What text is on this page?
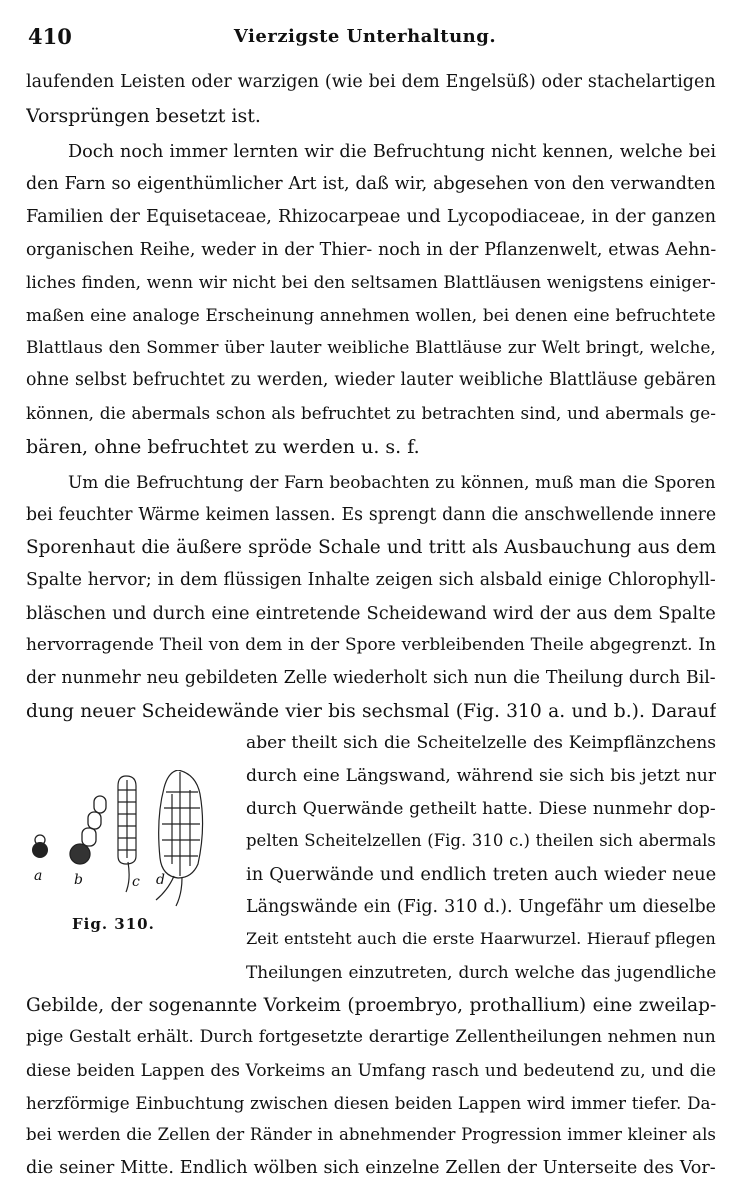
410	Vierzigste Unterhaltung.
laufenden Leisten oder warzigen (wie bei dem Engelsüß) oder stachelartigen
Vorsprüngen besetzt ist.
Doch noch immer lernten wir die Befruchtung nicht kennen, welche bei
den Farn so eigenthümlicher Art ist, daß wir, abgesehen von den verwandten
Familien der Equisetaceae, Rhizocarpeae und Lycopodiaceae, in der ganzen
organischen Reihe, weder in der Thier- noch in der Pflanzenwelt, etwas Aehn-
liches finden, wenn wir nicht bei den seltsamen Blattläusen wenigstens einiger-
maßen eine analoge Erscheinung annehmen wollen, bei denen eine befruchtete
Blattlaus den Sommer über lauter weibliche Blattläuse zur Welt bringt, welche,
ohne selbst befruchtet zu werden, wieder lauter weibliche Blattläuse gebären
können, die abermals schon als befruchtet zu betrachten sind, und abermals ge-
bären, ohne befruchtet zu werden u. s. f.
Um die Befruchtung der Farn beobachten zu können, muß man die Sporen
bei feuchter Wärme keimen lassen. Es sprengt dann die anschwellende innere
Sporenhaut die äußere spröde Schale und tritt als Ausbauchung aus dem
Spalte hervor; in dem flüssigen Inhalte zeigen sich alsbald einige Chlorophyll-
bläschen und durch eine eintretende Scheidewand wird der aus dem Spalte
hervorragende Theil von dem in der Spore verbleibenden Theile abgegrenzt. In
der nunmehr neu gebildeten Zelle wiederholt sich nun die Theilung durch Bil-
dung neuer Scheidewände vier bis sechsmal (Fig. 310 a. und b.). Darauf
aber theilt sich die Scheitelzelle des Keimpflänzchens
durch eine Längswand, während sie sich bis jetzt nur
durch Querwände getheilt hatte. Diese nunmehr dop-
pelten Scheitelzellen (Fig. 310 c.) theilen sich abermals
in Querwände und endlich treten auch wieder neue
Längswände ein (Fig. 310 d.). Ungefähr um dieselbe
Zeit entsteht auch die erste Haarwurzel. Hierauf pflegen
Theilungen einzutreten, durch welche das jugendliche
Gebilde, der sogenannte Vorkeim (proembryo, prothallium) eine zweilap-
pige Gestalt erhält. Durch fortgesetzte derartige Zellentheilungen nehmen nun
diese beiden Lappen des Vorkeims an Umfang rasch und bedeutend zu, und die
herzförmige Einbuchtung zwischen diesen beiden Lappen wird immer tiefer. Da-
bei werden die Zellen der Ränder in abnehmender Progression immer kleiner als
die seiner Mitte. Endlich wölben sich einzelne Zellen der Unterseite des Vor-
a b	c d
Fig. 310.
